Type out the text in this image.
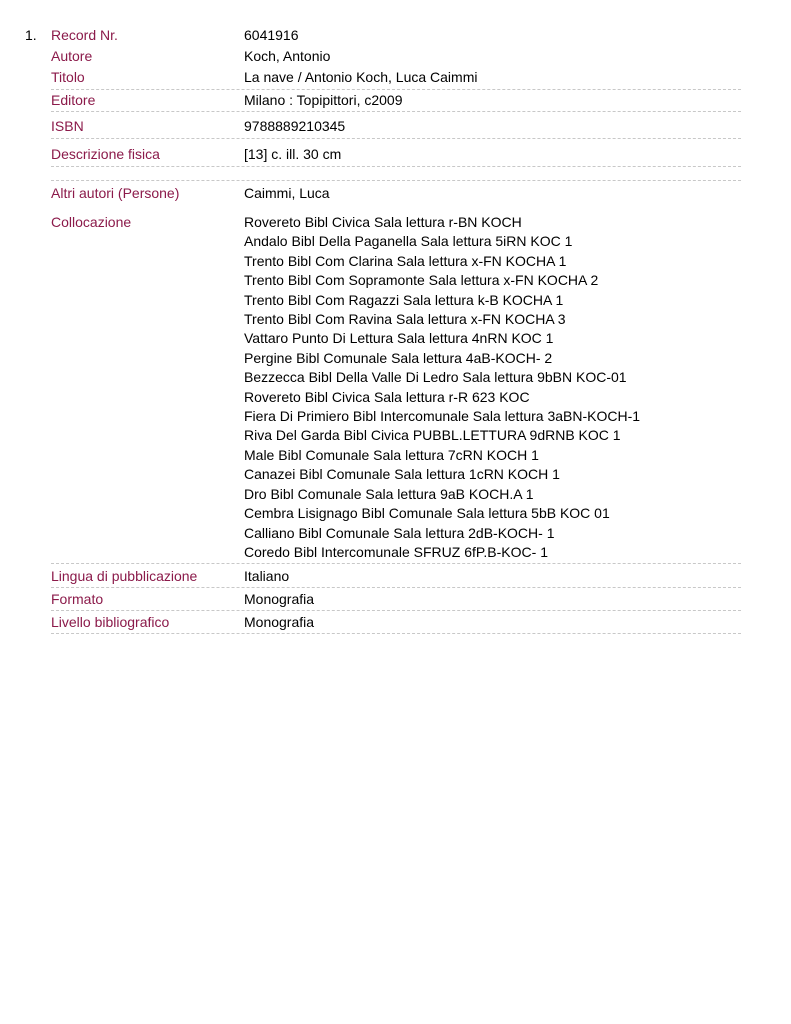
1. Record Nr.	6041916
Autore	Koch, Antonio
Titolo	La nave / Antonio Koch, Luca Caimmi
Editore	Milano : Topipittori, c2009
ISBN	9788889210345
Descrizione fisica	[13] c. ill. 30 cm
Altri autori (Persone)	Caimmi, Luca
Collocazione	Rovereto Bibl Civica Sala lettura r-BN KOCH
Andalo Bibl Della Paganella Sala lettura 5iRN KOC 1
Trento Bibl Com Clarina Sala lettura x-FN KOCHA 1
Trento Bibl Com Sopramonte Sala lettura x-FN KOCHA 2
Trento Bibl Com Ragazzi Sala lettura k-B KOCHA 1
Trento Bibl Com Ravina Sala lettura x-FN KOCHA 3
Vattaro Punto Di Lettura Sala lettura 4nRN KOC 1
Pergine Bibl Comunale Sala lettura 4aB-KOCH- 2
Bezzecca Bibl Della Valle Di Ledro Sala lettura 9bBN KOC-01
Rovereto Bibl Civica Sala lettura r-R 623 KOC
Fiera Di Primiero Bibl Intercomunale Sala lettura 3aBN-KOCH-1
Riva Del Garda Bibl Civica PUBBL.LETTURA 9dRNB KOC 1
Male Bibl Comunale Sala lettura 7cRN KOCH 1
Canazei Bibl Comunale Sala lettura 1cRN KOCH 1
Dro Bibl Comunale Sala lettura 9aB KOCH.A 1
Cembra Lisignago Bibl Comunale Sala lettura 5bB KOC 01
Calliano Bibl Comunale Sala lettura 2dB-KOCH- 1
Coredo Bibl Intercomunale SFRUZ 6fP.B-KOC- 1
Lingua di pubblicazione	Italiano
Formato	Monografia
Livello bibliografico	Monografia
